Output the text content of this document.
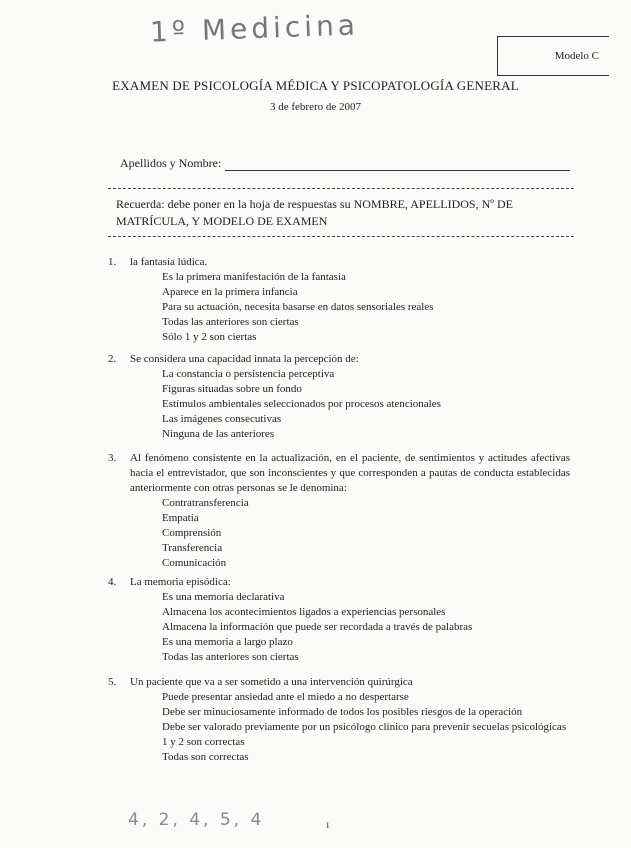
1º Medicina
Modelo C
EXAMEN DE PSICOLOGÍA MÉDICA Y PSICOPATOLOGÍA GENERAL
3 de febrero de 2007
Apellidos y Nombre:
Recuerda: debe poner en la hoja de respuestas su NOMBRE, APELLIDOS, Nº DE MATRÍCULA, Y MODELO DE EXAMEN
1.	la fantasía lúdica.
Es la primera manifestación de la fantasía
Aparece en la primera infancia
Para su actuación, necesita basarse en datos sensoriales reales
Todas las anteriores son ciertas
Sólo 1 y 2 son ciertas
2.	Se considera una capacidad innata la percepción de:
La constancia o persistencia perceptiva
Figuras situadas sobre un fondo
Estímulos ambientales seleccionados por procesos atencionales
Las imágenes consecutivas
Ninguna de las anteriores
3.	Al fenómeno consistente en la actualización, en el paciente, de sentimientos y actitudes afectivas hacia el entrevistador, que son inconscientes y que corresponden a pautas de conducta establecidas anteriormente con otras personas se le denomina:
Contratransferencia
Empatía
Comprensión
Transferencia
Comunicación
4.	La memoria episódica:
Es una memoria declarativa
Almacena los acontecimientos ligados a experiencias personales
Almacena la información que puede ser recordada a través de palabras
Es una memoria a largo plazo
Todas las anteriores son ciertas
5.	Un paciente que va a ser sometido a una intervención quirúrgica
Puede presentar ansiedad ante el miedo a no despertarse
Debe ser minuciosamente informado de todos los posibles riesgos de la operación
Debe ser valorado previamente por un psicólogo clínico para prevenir secuelas psicológicas
1 y 2 son correctas
Todas son correctas
4, 2, 4, 5, 4	ı
